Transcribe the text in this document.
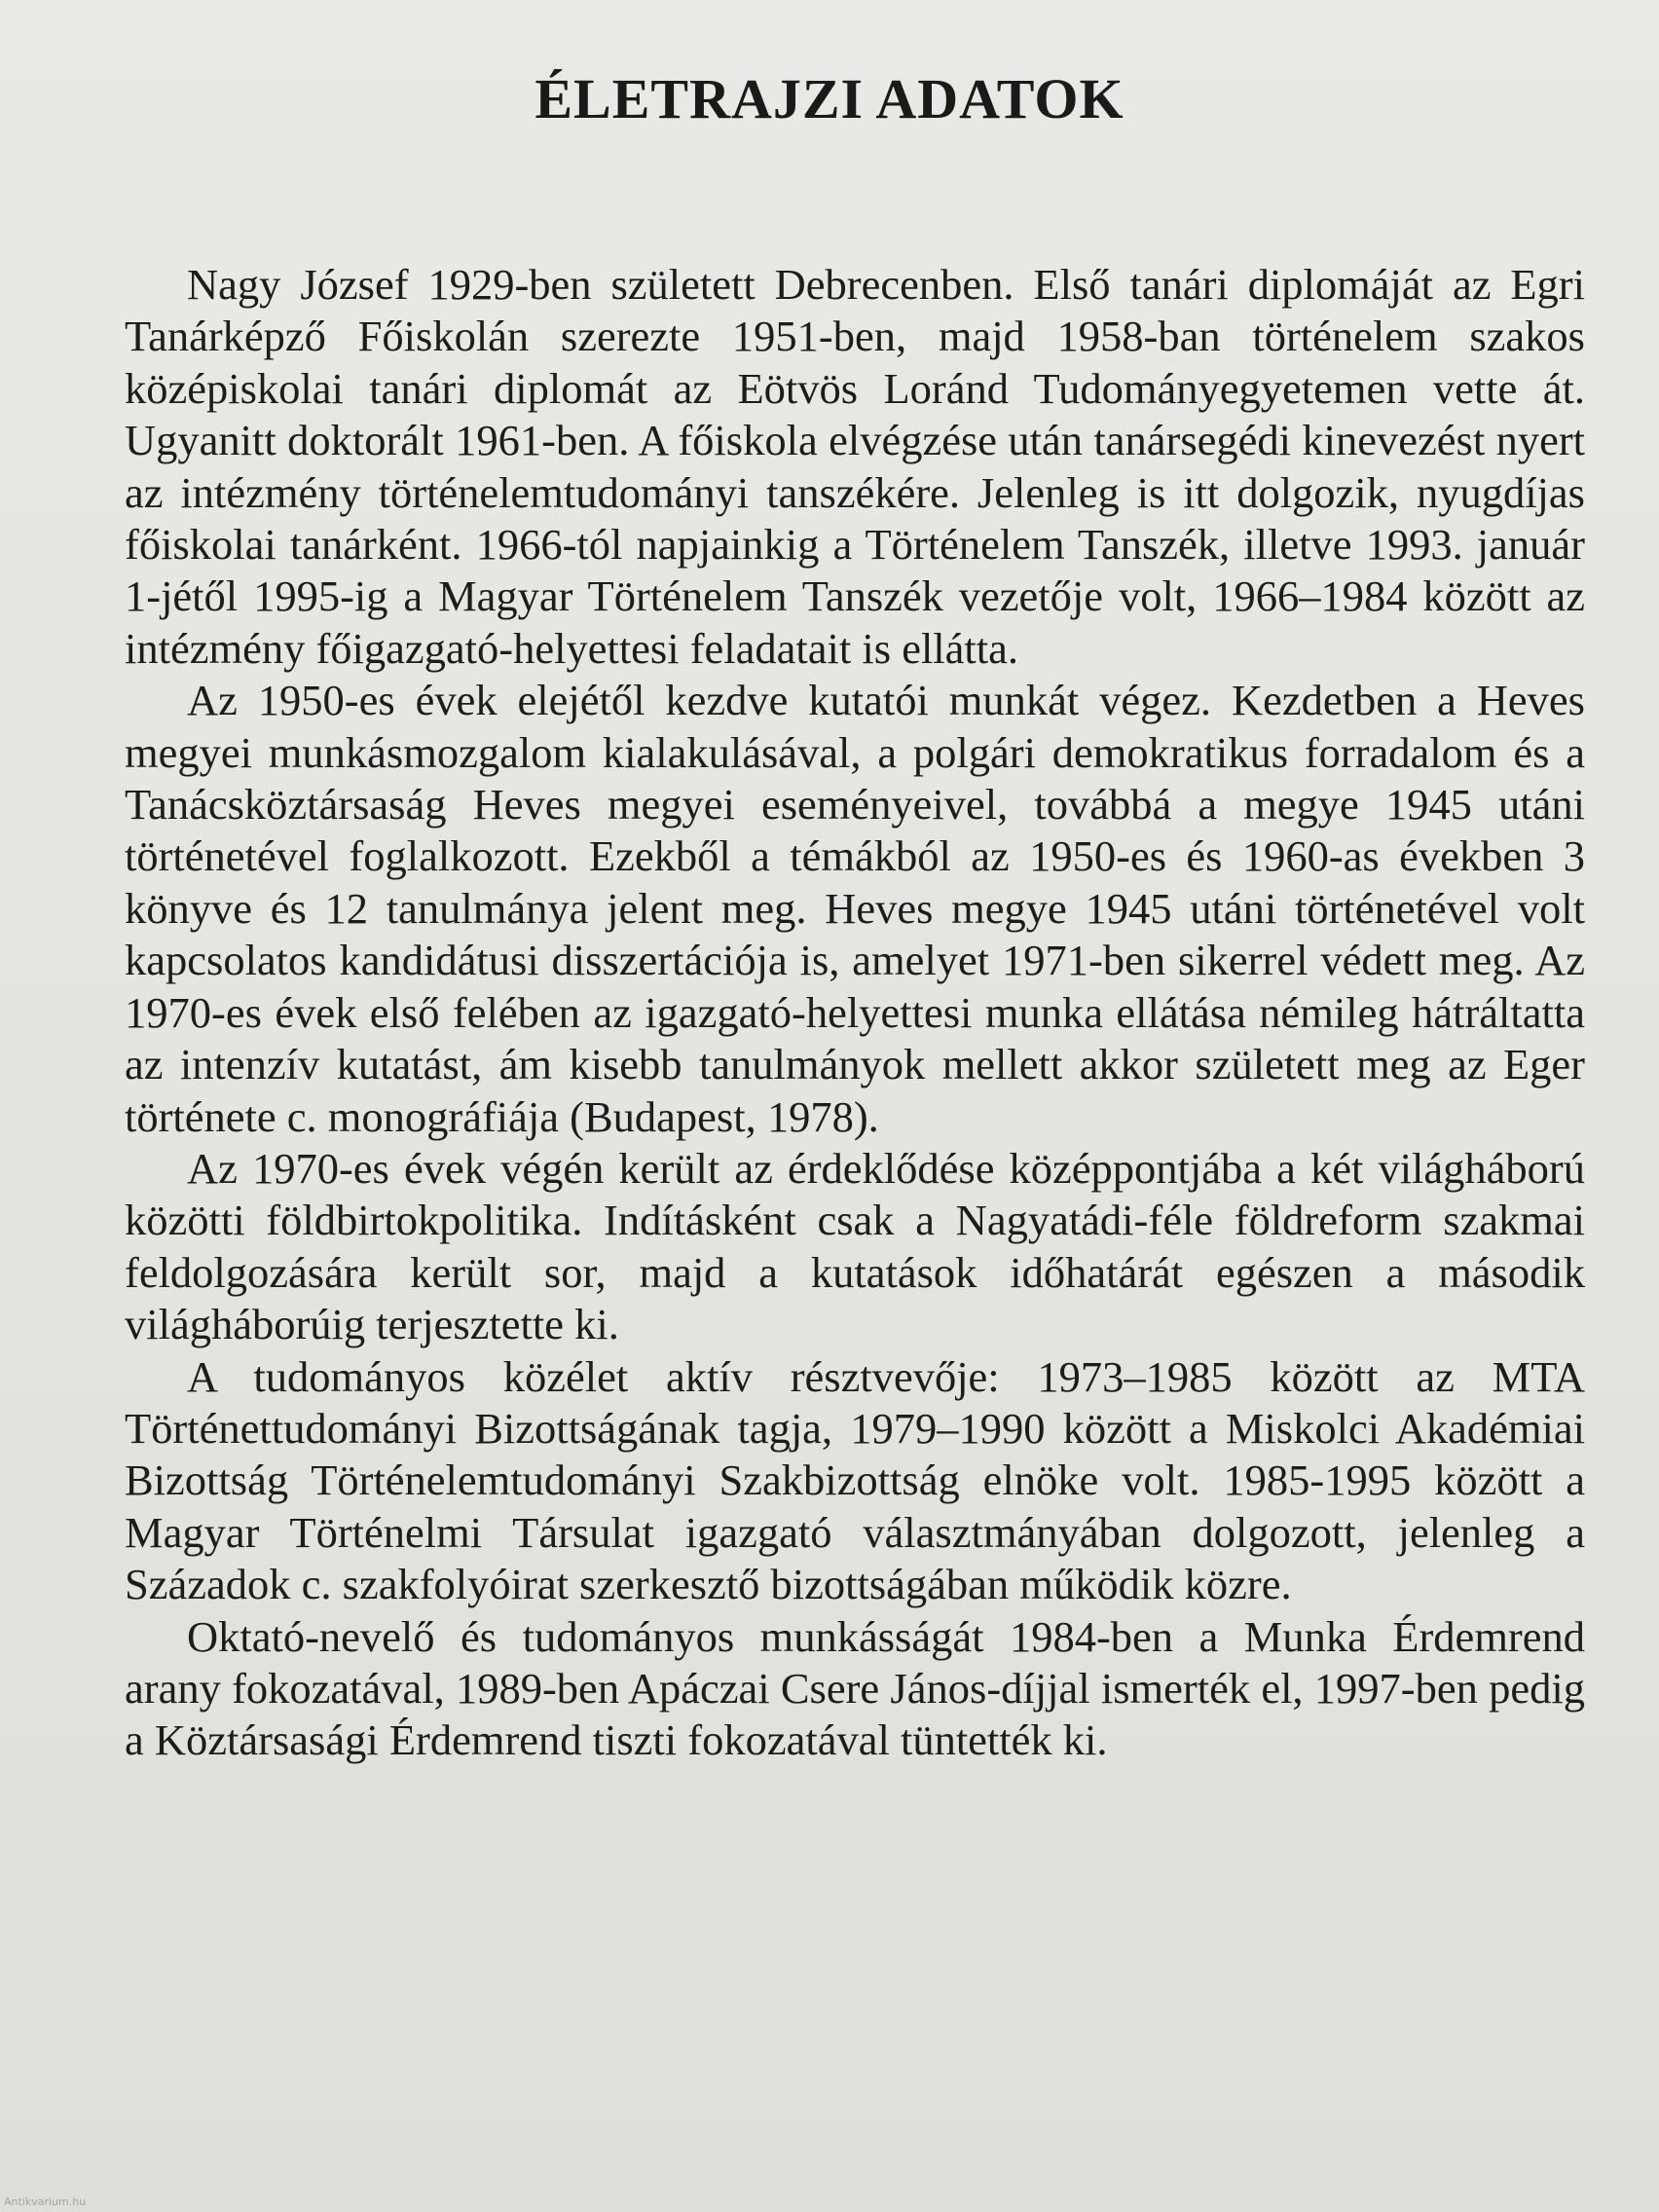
ÉLETRAJZI ADATOK

Nagy József 1929-ben született Debrecenben. Első tanári diplomáját az Egri Tanárképző Főiskolán szerezte 1951-ben, majd 1958-ban történelem szakos középiskolai tanári diplomát az Eötvös Loránd Tudományegyetemen vette át. Ugyanitt doktorált 1961-ben. A főiskola elvégzése után tanársegédi kinevezést nyert az intézmény történelemtudományi tanszékére. Jelenleg is itt dolgozik, nyugdíjas főiskolai tanárként. 1966-tól napjainkig a Történelem Tanszék, illetve 1993. január 1-jétől 1995-ig a Magyar Történelem Tanszék vezetője volt, 1966–1984 között az intézmény főigazgató-helyettesi feladatait is ellátta.

Az 1950-es évek elejétől kezdve kutatói munkát végez. Kezdetben a Heves megyei munkásmozgalom kialakulásával, a polgári demokratikus forradalom és a Tanácsköztársaság Heves megyei eseményeivel, továbbá a megye 1945 utáni történetével foglalkozott. Ezekből a témákból az 1950-es és 1960-as években 3 könyve és 12 tanulmánya jelent meg. Heves megye 1945 utáni történetével volt kapcsolatos kandidátusi disszertációja is, amelyet 1971-ben sikerrel védett meg. Az 1970-es évek első felében az igazgató-helyettesi munka ellátása némileg hátráltatta az intenzív kutatást, ám kisebb tanulmányok mellett akkor született meg az Eger története c. monográfiája (Budapest, 1978).

Az 1970-es évek végén került az érdeklődése középpontjába a két világháború közötti földbirtokpolitika. Indításként csak a Nagyatádi-féle földreform szakmai feldolgozására került sor, majd a kutatások időhatárát egészen a második világháborúig terjesztette ki.

A tudományos közélet aktív résztvevője: 1973–1985 között az MTA Történettudományi Bizottságának tagja, 1979–1990 között a Miskolci Akadémiai Bizottság Történelemtudományi Szakbizottság elnöke volt. 1985-1995 között a Magyar Történelmi Társulat igazgató választmányában dolgozott, jelenleg a Századok c. szakfolyóirat szerkesztő bizottságában működik közre.

Oktató-nevelő és tudományos munkásságát 1984-ben a Munka Érdemrend arany fokozatával, 1989-ben Apáczai Csere János-díjjal ismerték el, 1997-ben pedig a Köztársasági Érdemrend tiszti fokozatával tüntették ki.

Antikvarium.hu
